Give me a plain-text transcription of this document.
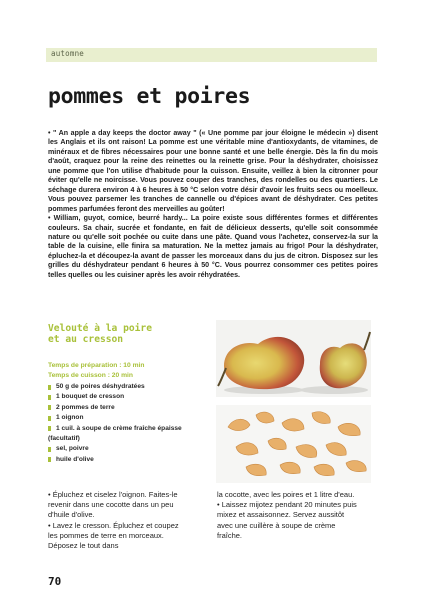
automne
pommes et poires

• " An apple a day keeps the doctor away " (« Une pomme par jour éloigne le médecin ») disent les Anglais et ils ont raison! La pomme est une véritable mine d'antioxydants, de vitamines, de minéraux et de fibres nécessaires pour une bonne santé et une belle énergie. Dès la fin du mois d'août, craquez pour la reine des reinettes ou la reinette grise. Pour la déshydrater, choisissez une pomme que l'on utilise d'habitude pour la cuisson. Ensuite, veillez à bien la citronner pour éviter qu'elle ne noircisse. Vous pouvez couper des tranches, des rondelles ou des quartiers. Le séchage durera environ 4 à 6 heures à 50 °C selon votre désir d'avoir les fruits secs ou moelleux. Vous pouvez parsemer les tranches de cannelle ou d'épices avant de déshydrater. Ces petites pommes parfumées feront des merveilles au goûter!

• William, guyot, comice, beurré hardy... La poire existe sous différentes formes et différentes couleurs. Sa chair, sucrée et fondante, en fait de délicieux desserts, qu'elle soit consommée nature ou qu'elle soit pochée ou cuite dans une pâte. Quand vous l'achetez, conservez-la sur la table de la cuisine, elle finira sa maturation. Ne la mettez jamais au frigo! Pour la déshydrater, épluchez-la et découpez-la avant de passer les morceaux dans du jus de citron. Disposez sur les grilles du déshydrateur pendant 6 heures à 50 °C. Vous pourrez consommer ces petites poires telles quelles ou les cuisiner après les avoir réhydratées.

Velouté à la poire
et au cresson
Temps de préparation : 10 min
Temps de cuisson : 20 min
50 g de poires déshydratées
1 bouquet de cresson
2 pommes de terre
1 oignon
1 cuil. à soupe de crème fraîche épaisse
(facultatif)
sel, poivre
huile d'olive

• Épluchez et ciselez l'oignon. Faites-le revenir dans une cocotte dans un peu d'huile d'olive.

• Lavez le cresson. Épluchez et coupez les pommes de terre en morceaux. Déposez le tout dans

la cocotte, avec les poires et 1 litre d'eau.

• Laissez mijotez pendant 20 minutes puis mixez et assaisonnez. Servez aussitôt avec une cuillère à soupe de crème fraîche.

70
